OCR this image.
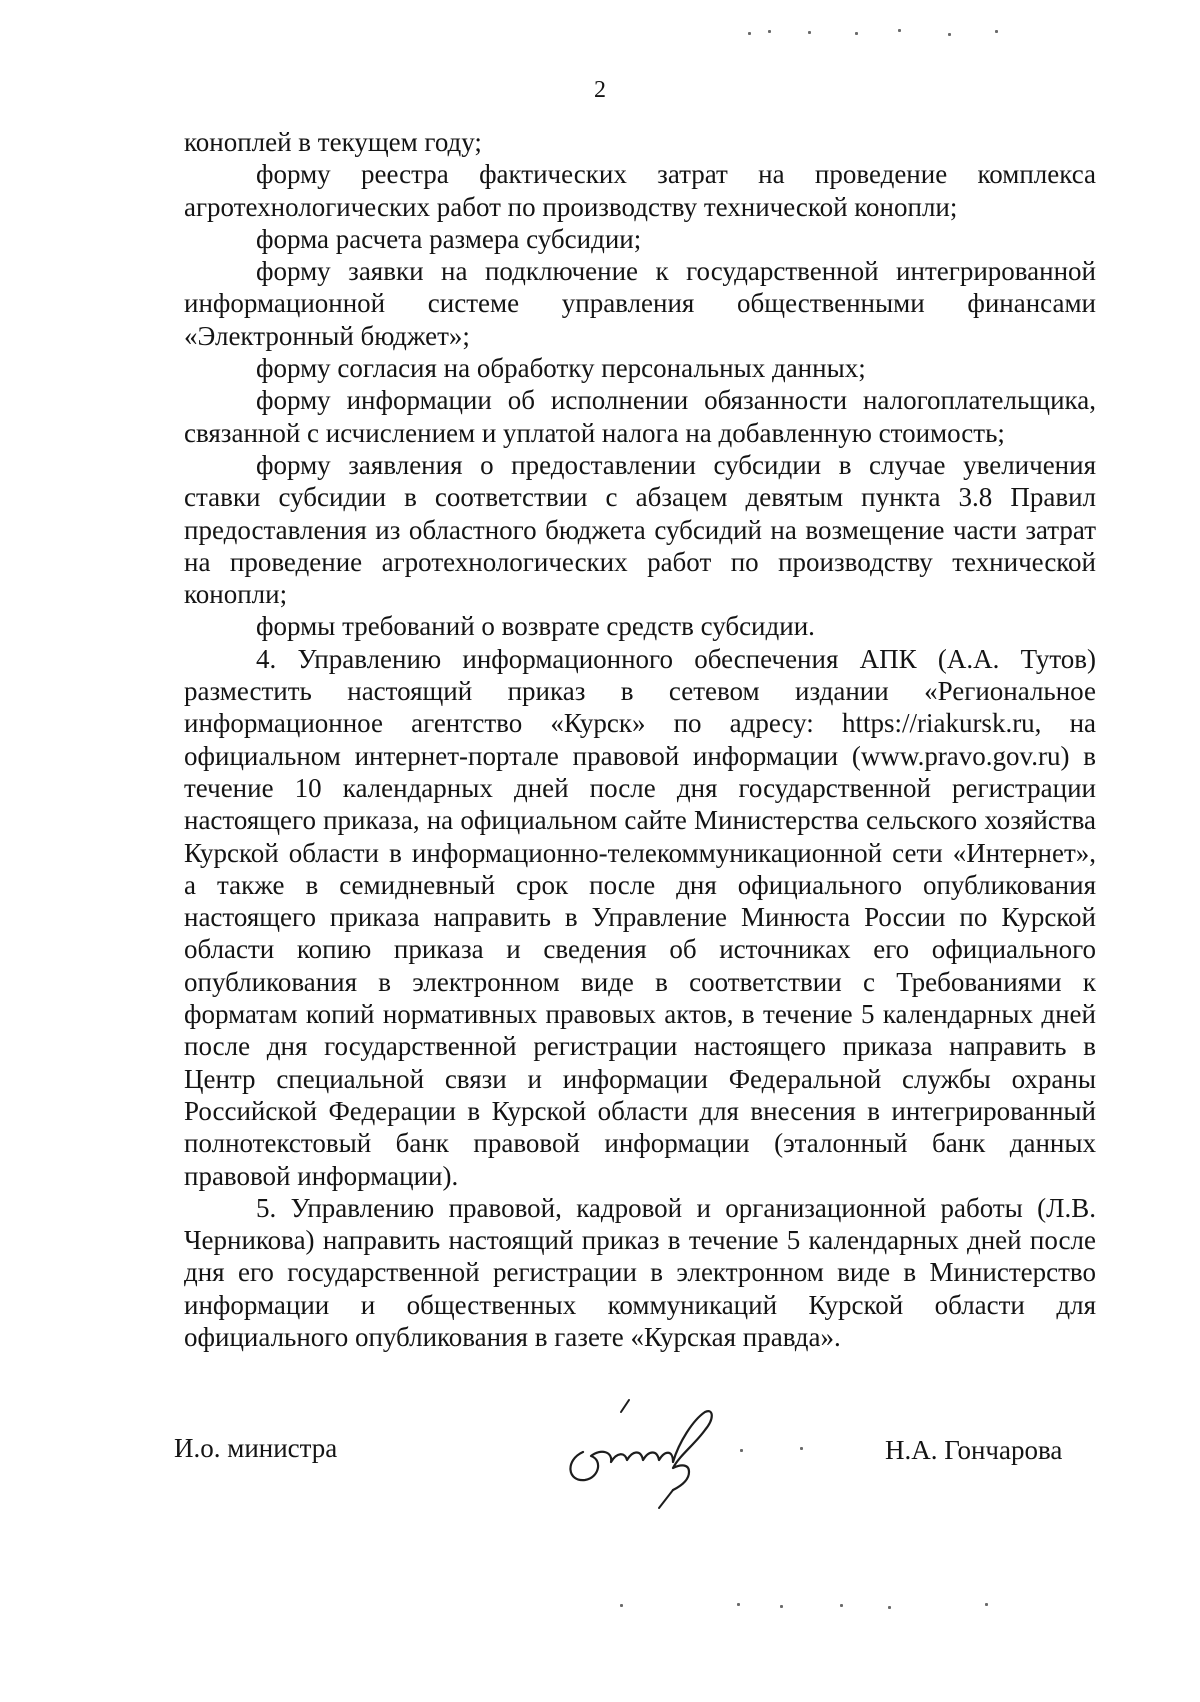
2

коноплей в текущем году;

форму реестра фактических затрат на проведение комплекса агротехнологических работ по производству технической конопли;

форма расчета размера субсидии;

форму заявки на подключение к государственной интегрированной информационной системе управления общественными финансами «Электронный бюджет»;

форму согласия на обработку персональных данных;

форму информации об исполнении обязанности налогоплательщика, связанной с исчислением и уплатой налога на добавленную стоимость;

форму заявления о предоставлении субсидии в случае увеличения ставки субсидии в соответствии с абзацем девятым пункта 3.8 Правил предоставления из областного бюджета субсидий на возмещение части затрат на проведение агротехнологических работ по производству технической конопли;

формы требований о возврате средств субсидии.

4. Управлению информационного обеспечения АПК (А.А. Тутов) разместить настоящий приказ в сетевом издании «Региональное информационное агентство «Курск» по адресу: https://riakursk.ru, на официальном интернет-портале правовой информации (www.pravo.gov.ru) в течение 10 календарных дней после дня государственной регистрации настоящего приказа, на официальном сайте Министерства сельского хозяйства Курской области в информационно-телекоммуникационной сети «Интернет», а также в семидневный срок после дня официального опубликования настоящего приказа направить в Управление Минюста России по Курской области копию приказа и сведения об источниках его официального опубликования в электронном виде в соответствии с Требованиями к форматам копий нормативных правовых актов, в течение 5 календарных дней после дня государственной регистрации настоящего приказа направить в Центр специальной связи и информации Федеральной службы охраны Российской Федерации в Курской области для внесения в интегрированный полнотекстовый банк правовой информации (эталонный банк данных правовой информации).

5. Управлению правовой, кадровой и организационной работы (Л.В. Черникова) направить настоящий приказ в течение 5 календарных дней после дня его государственной регистрации в электронном виде в Министерство информации и общественных коммуникаций Курской области для официального опубликования в газете «Курская правда».

И.о. министра	Н.А. Гончарова
